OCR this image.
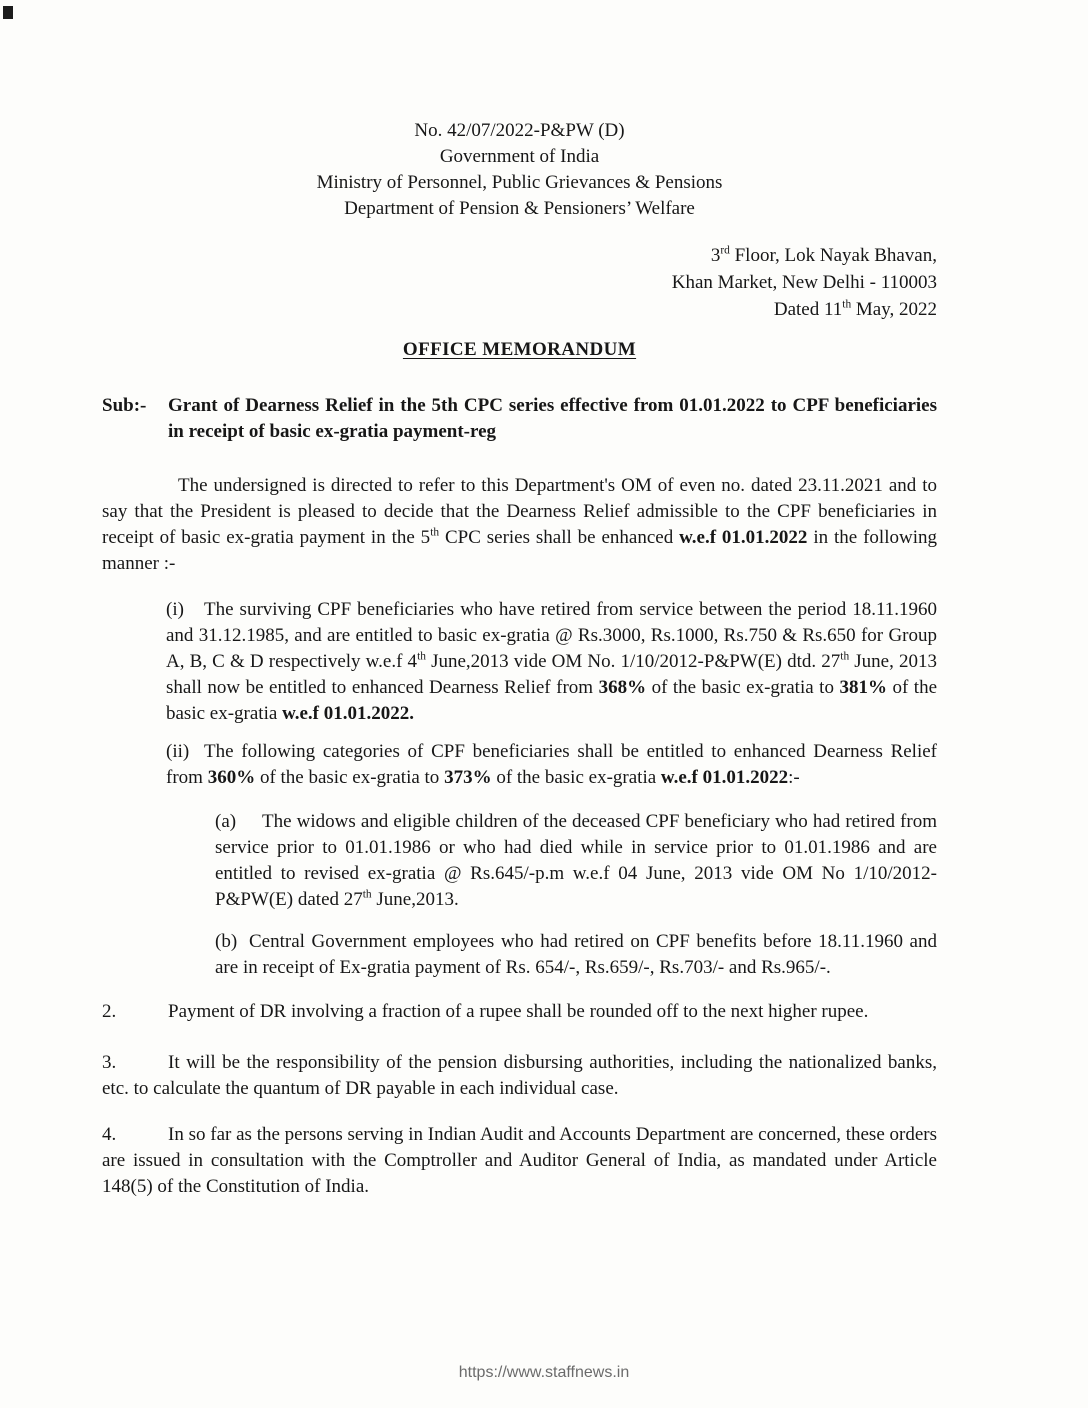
No. 42/07/2022-P&PW (D)
Government of India
Ministry of Personnel, Public Grievances & Pensions
Department of Pension & Pensioners’ Welfare
3rd Floor, Lok Nayak Bhavan,
Khan Market, New Delhi - 110003
Dated 11th May, 2022
OFFICE MEMORANDUM
Sub:-	Grant of Dearness Relief in the 5th CPC series effective from 01.01.2022 to CPF beneficiaries in receipt of basic ex-gratia payment-reg

The undersigned is directed to refer to this Department's OM of even no. dated 23.11.2021 and to say that the President is pleased to decide that the Dearness Relief admissible to the CPF beneficiaries in receipt of basic ex-gratia payment in the 5th CPC series shall be enhanced w.e.f 01.01.2022 in the following manner :-

(i) The surviving CPF beneficiaries who have retired from service between the period 18.11.1960 and 31.12.1985, and are entitled to basic ex-gratia @ Rs.3000, Rs.1000, Rs.750 & Rs.650 for Group A, B, C & D respectively w.e.f 4th June,2013 vide OM No. 1/10/2012-P&PW(E) dtd. 27th June, 2013 shall now be entitled to enhanced Dearness Relief from 368% of the basic ex-gratia to 381% of the basic ex-gratia w.e.f 01.01.2022.

(ii) The following categories of CPF beneficiaries shall be entitled to enhanced Dearness Relief from 360% of the basic ex-gratia to 373% of the basic ex-gratia w.e.f 01.01.2022:-

(a) The widows and eligible children of the deceased CPF beneficiary who had retired from service prior to 01.01.1986 or who had died while in service prior to 01.01.1986 and are entitled to revised ex-gratia @ Rs.645/-p.m w.e.f 04 June, 2013 vide OM No 1/10/2012-P&PW(E) dated 27th June,2013.

(b) Central Government employees who had retired on CPF benefits before 18.11.1960 and are in receipt of Ex-gratia payment of Rs. 654/-, Rs.659/-, Rs.703/- and Rs.965/-.

2.	Payment of DR involving a fraction of a rupee shall be rounded off to the next higher rupee.

3.	It will be the responsibility of the pension disbursing authorities, including the nationalized banks, etc. to calculate the quantum of DR payable in each individual case.

4.	In so far as the persons serving in Indian Audit and Accounts Department are concerned, these orders are issued in consultation with the Comptroller and Auditor General of India, as mandated under Article 148(5) of the Constitution of India.

https://www.staffnews.in
